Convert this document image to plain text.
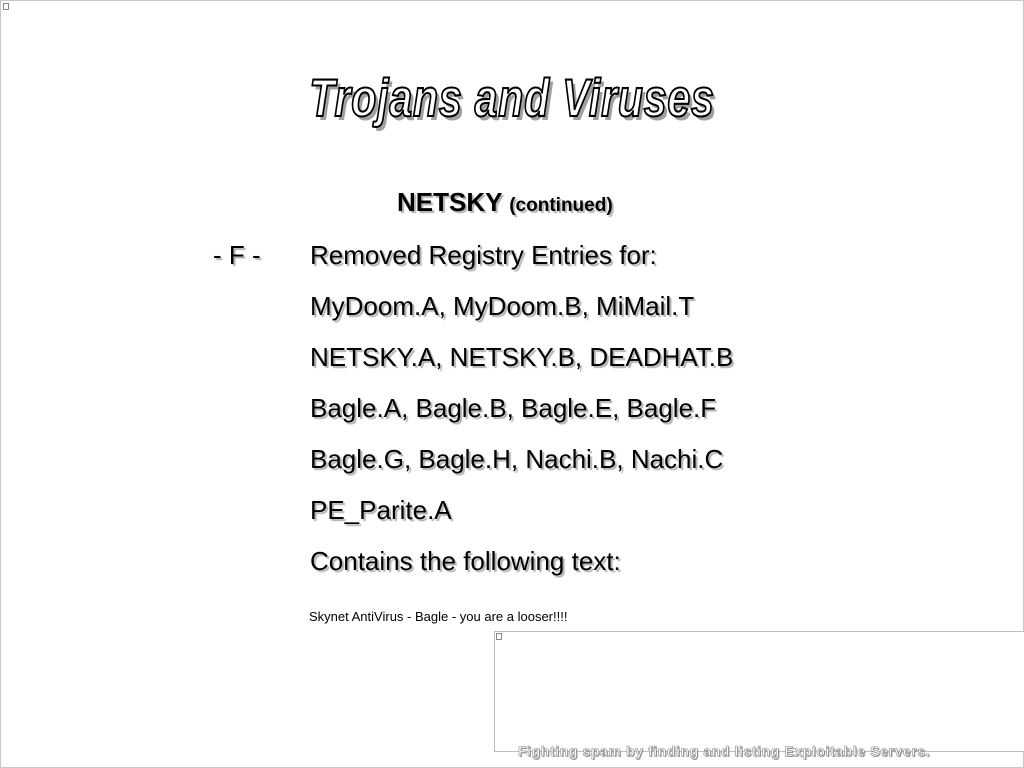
Trojans and Viruses
NETSKY (continued)
- F - Removed Registry Entries for:
MyDoom.A, MyDoom.B, MiMail.T
NETSKY.A, NETSKY.B, DEADHAT.B
Bagle.A, Bagle.B, Bagle.E, Bagle.F
Bagle.G, Bagle.H, Nachi.B, Nachi.C
PE_Parite.A
Contains the following text:
Skynet AntiVirus - Bagle - you are a looser!!!!
Fighting spam by finding and listing Exploitable Servers.
